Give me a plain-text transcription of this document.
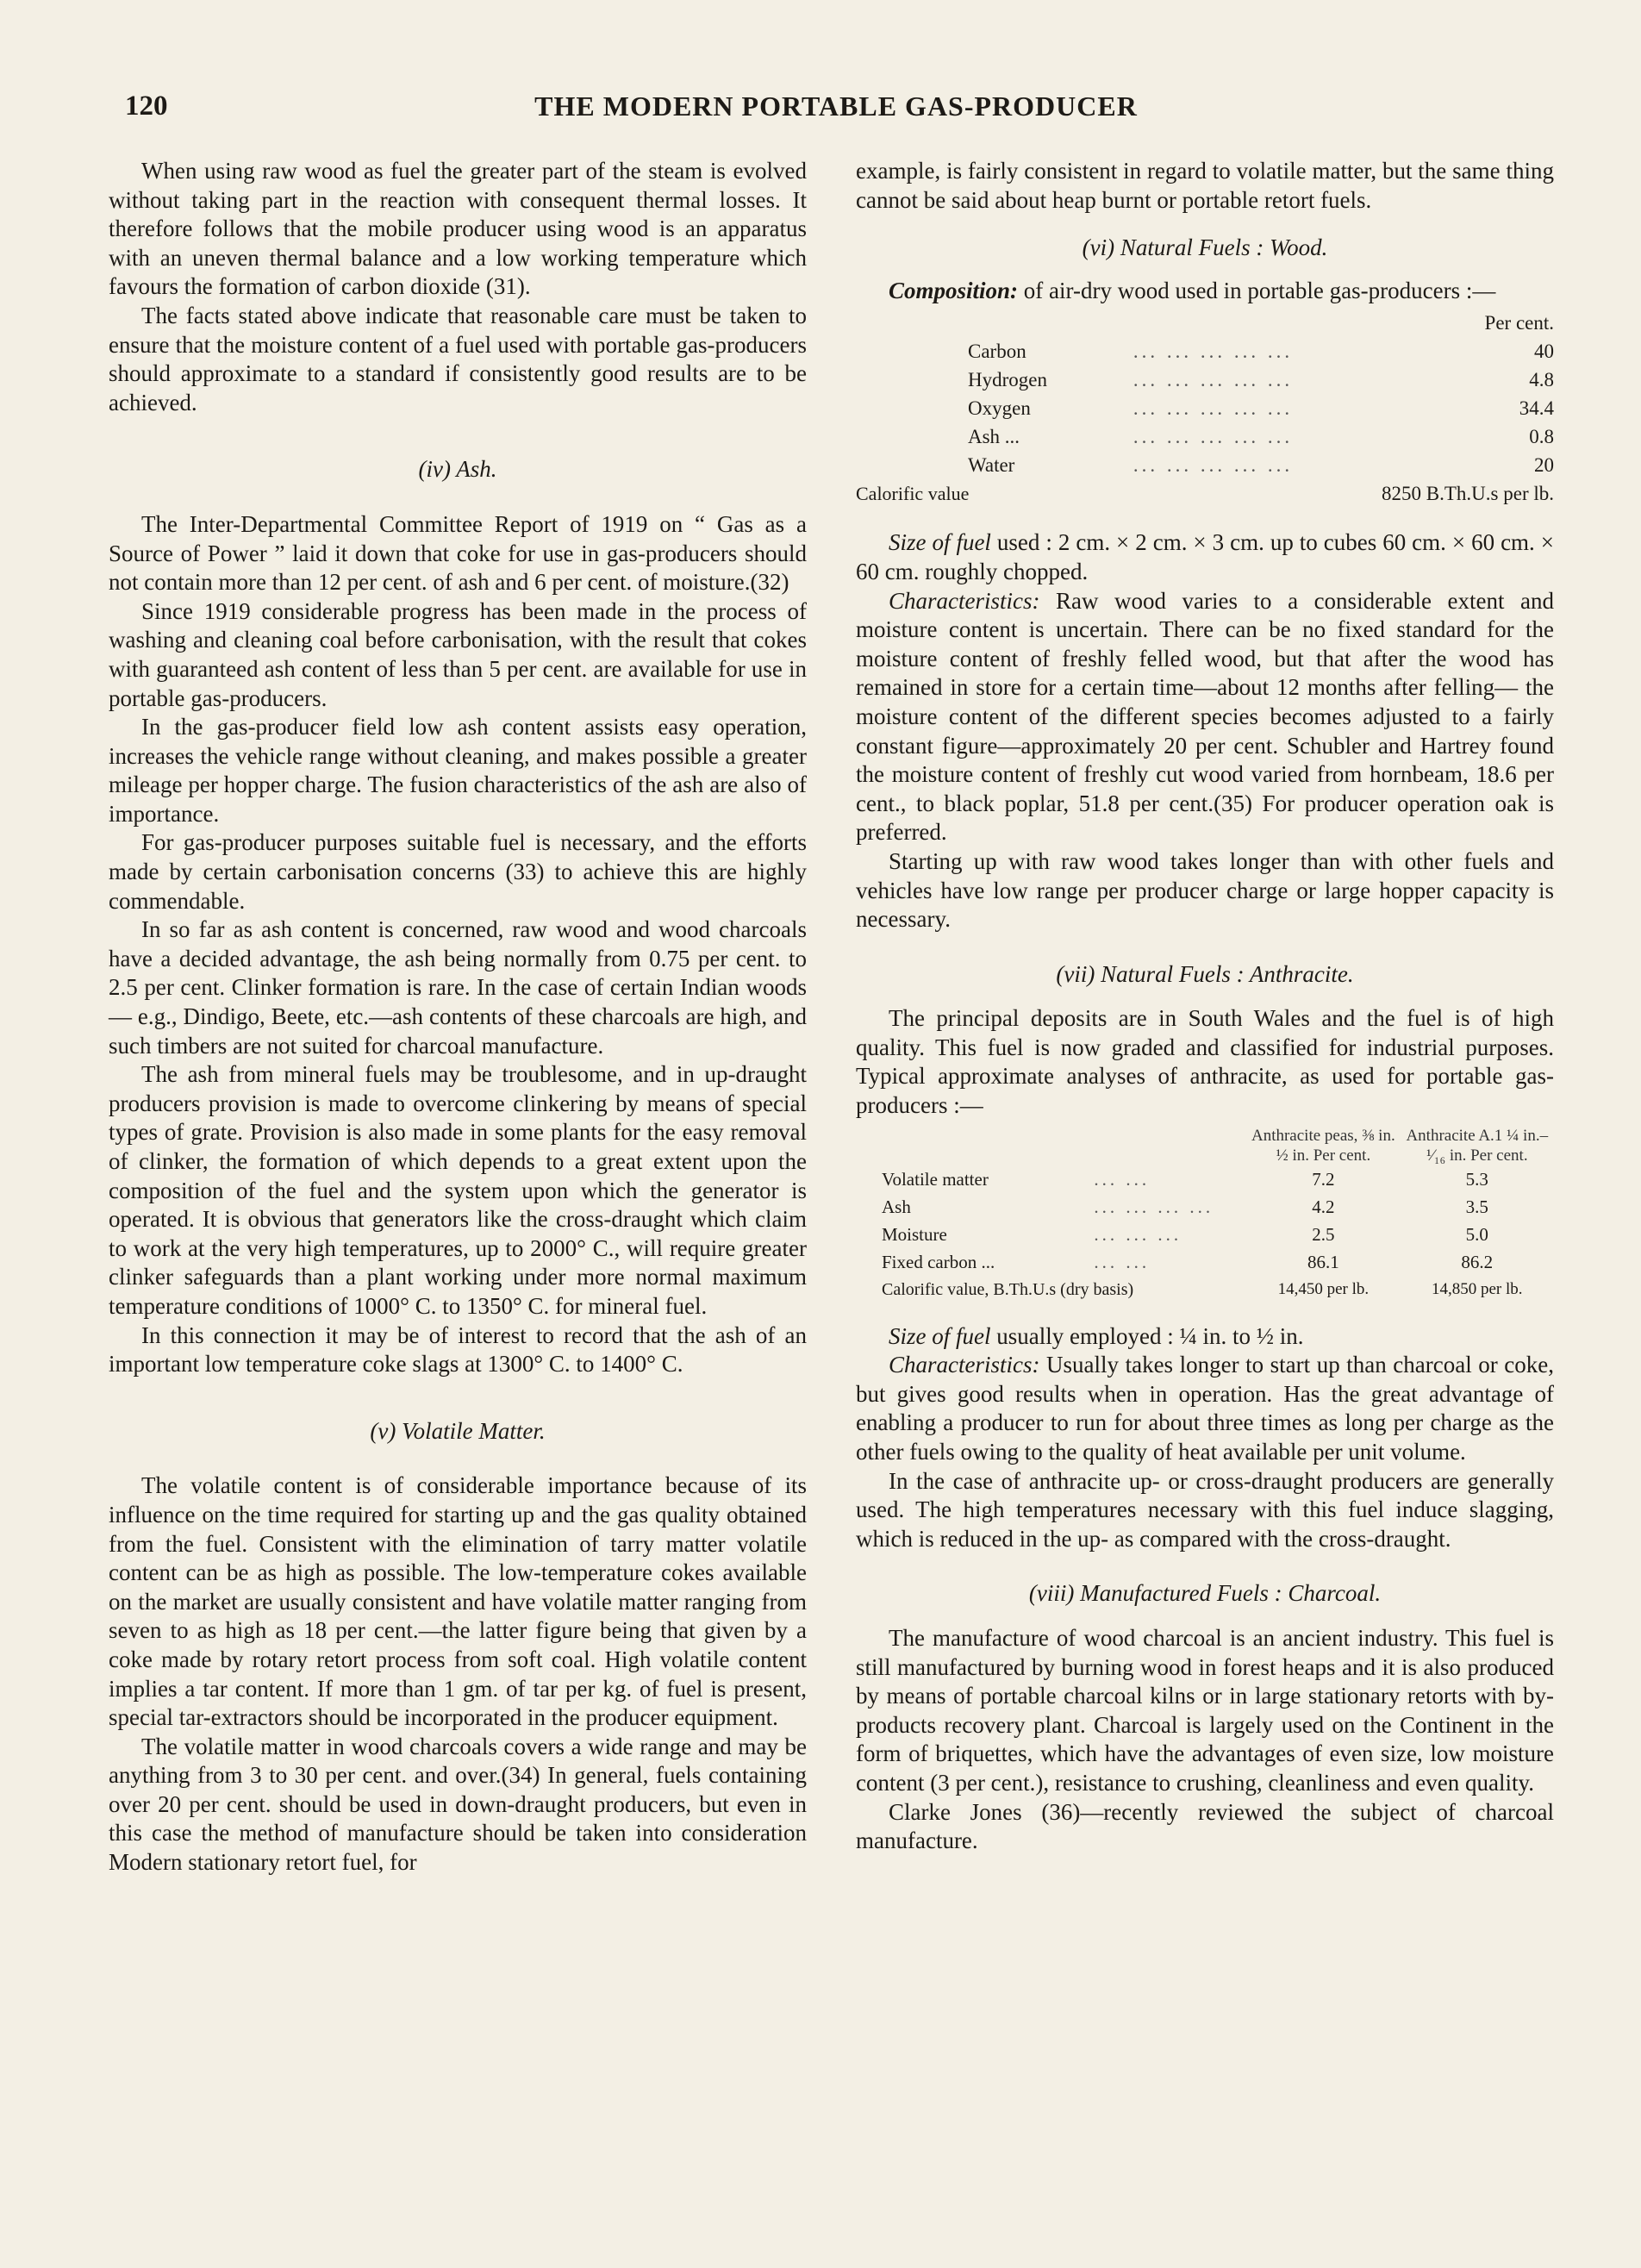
120	THE MODERN PORTABLE GAS-PRODUCER

When using raw wood as fuel the greater part of the steam is evolved without taking part in the reaction with consequent thermal losses. It therefore follows that the mobile producer using wood is an apparatus with an uneven thermal balance and a low working temperature which favours the formation of carbon dioxide (31).

The facts stated above indicate that reasonable care must be taken to ensure that the moisture content of a fuel used with portable gas-producers should approximate to a standard if consistently good results are to be achieved.

(iv) Ash.

The Inter-Departmental Committee Report of 1919 on “ Gas as a Source of Power ” laid it down that coke for use in gas-producers should not contain more than 12 per cent. of ash and 6 per cent. of moisture.(32)

Since 1919 considerable progress has been made in the process of washing and cleaning coal before carbonisation, with the result that cokes with guaranteed ash content of less than 5 per cent. are available for use in portable gas-producers.

In the gas-producer field low ash content assists easy operation, increases the vehicle range without cleaning, and makes possible a greater mileage per hopper charge. The fusion characteristics of the ash are also of importance.

For gas-producer purposes suitable fuel is necessary, and the efforts made by certain carbonisation concerns (33) to achieve this are highly commendable.

In so far as ash content is concerned, raw wood and wood charcoals have a decided advantage, the ash being normally from 0.75 per cent. to 2.5 per cent. Clinker formation is rare. In the case of certain Indian woods— e.g., Dindigo, Beete, etc.—ash contents of these charcoals are high, and such timbers are not suited for charcoal manufacture.

The ash from mineral fuels may be troublesome, and in up-draught producers provision is made to overcome clinkering by means of special types of grate. Provision is also made in some plants for the easy removal of clinker, the formation of which depends to a great extent upon the composition of the fuel and the system upon which the generator is operated. It is obvious that generators like the cross-draught which claim to work at the very high temperatures, up to 2000° C., will require greater clinker safeguards than a plant working under more normal maximum temperature conditions of 1000° C. to 1350° C. for mineral fuel.

In this connection it may be of interest to record that the ash of an important low temperature coke slags at 1300° C. to 1400° C.

(v) Volatile Matter.

The volatile content is of considerable importance because of its influence on the time required for starting up and the gas quality obtained from the fuel. Consistent with the elimination of tarry matter volatile content can be as high as possible. The low-temperature cokes available on the market are usually consistent and have volatile matter ranging from seven to as high as 18 per cent.—the latter figure being that given by a coke made by rotary retort process from soft coal. High volatile content implies a tar content. If more than 1 gm. of tar per kg. of fuel is present, special tar-extractors should be incorporated in the producer equipment.

The volatile matter in wood charcoals covers a wide range and may be anything from 3 to 30 per cent. and over.(34) In general, fuels containing over 20 per cent. should be used in down-draught producers, but even in this case the method of manufacture should be taken into consideration Modern stationary retort fuel, for

example, is fairly consistent in regard to volatile matter, but the same thing cannot be said about heap burnt or portable retort fuels.

(vi) Natural Fuels : Wood.

Composition: of air-dry wood used in portable gas-producers :—

		Per cent.
Carbon	... ... ... ... ...	40
Hydrogen	... ... ... ... ...	4.8
Oxygen	... ... ... ... ...	34.4
Ash ...	... ... ... ... ...	0.8
Water	... ... ... ... ...	20
Calorific value		8250 B.Th.U.s per lb.

Size of fuel used : 2 cm. × 2 cm. × 3 cm. up to cubes 60 cm. × 60 cm. × 60 cm. roughly chopped.

Characteristics: Raw wood varies to a considerable extent and moisture content is uncertain. There can be no fixed standard for the moisture content of freshly felled wood, but that after the wood has remained in store for a certain time—about 12 months after felling— the moisture content of the different species becomes adjusted to a fairly constant figure—approximately 20 per cent. Schubler and Hartrey found the moisture content of freshly cut wood varied from hornbeam, 18.6 per cent., to black poplar, 51.8 per cent.(35) For producer operation oak is preferred.

Starting up with raw wood takes longer than with other fuels and vehicles have low range per producer charge or large hopper capacity is necessary.

(vii) Natural Fuels : Anthracite.

The principal deposits are in South Wales and the fuel is of high quality. This fuel is now graded and classified for industrial purposes. Typical approximate analyses of anthracite, as used for portable gas-producers :—

		Anthracite peas, ⅜ in. ½ in. Per cent.	Anthracite A.1 ¼ in.– ¹⁄₁₆ in. Per cent.
Volatile matter	... ...	7.2	5.3
Ash	... ... ... ...	4.2	3.5
Moisture	... ... ...	2.5	5.0
Fixed carbon ...	... ...	86.1	86.2
Calorific value, B.Th.U.s (dry basis)		14,450 per lb.	14,850 per lb.

Size of fuel usually employed : ¼ in. to ½ in.

Characteristics: Usually takes longer to start up than charcoal or coke, but gives good results when in operation. Has the great advantage of enabling a producer to run for about three times as long per charge as the other fuels owing to the quality of heat available per unit volume.

In the case of anthracite up- or cross-draught producers are generally used. The high temperatures necessary with this fuel induce slagging, which is reduced in the up- as compared with the cross-draught.

(viii) Manufactured Fuels : Charcoal.

The manufacture of wood charcoal is an ancient industry. This fuel is still manufactured by burning wood in forest heaps and it is also produced by means of portable charcoal kilns or in large stationary retorts with by-products recovery plant. Charcoal is largely used on the Continent in the form of briquettes, which have the advantages of even size, low moisture content (3 per cent.), resistance to crushing, cleanliness and even quality.

Clarke Jones (36)—recently reviewed the subject of charcoal manufacture.
